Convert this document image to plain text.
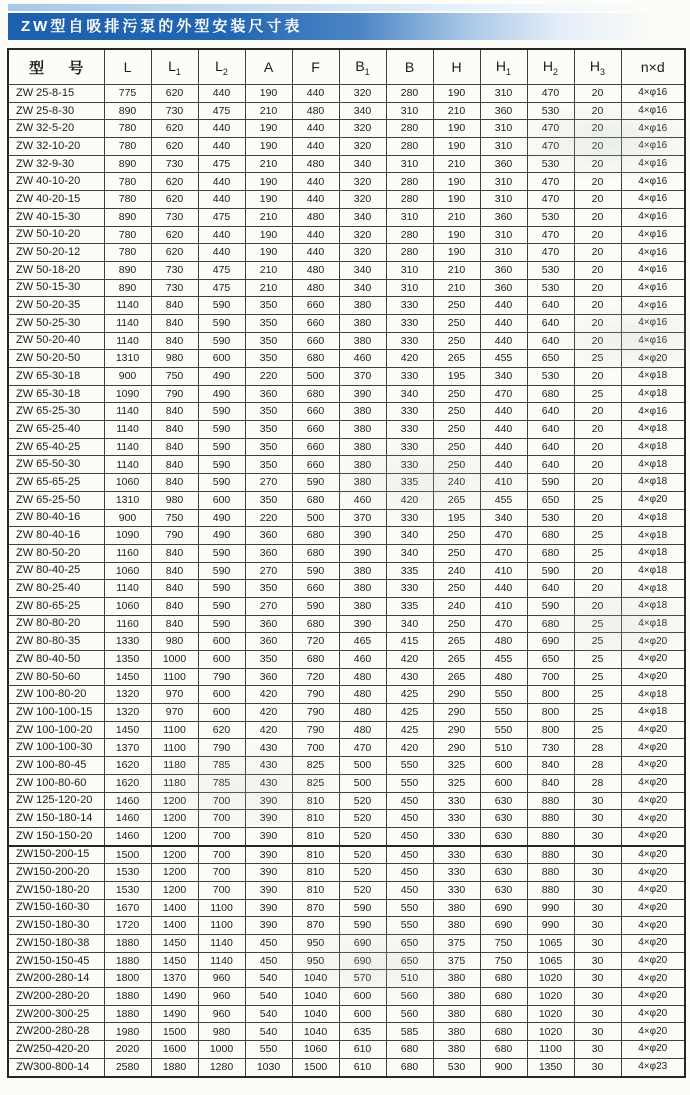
ZW型自吸排污泵的外型安装尺寸表
型 号	L	$L_1$	$L_2$	A	F	$B_1$	B	H	$H_1$	$H_2$	$H_3$	n×d
ZW 25-8-15	775	620	440	190	440	320	280	190	310	470	20	4×φ16
ZW 25-8-30	890	730	475	210	480	340	310	210	360	530	20	4×φ16
ZW 32-5-20	780	620	440	190	440	320	280	190	310	470	20	4×φ16
ZW 32-10-20	780	620	440	190	440	320	280	190	310	470	20	4×φ16
ZW 32-9-30	890	730	475	210	480	340	310	210	360	530	20	4×φ16
ZW 40-10-20	780	620	440	190	440	320	280	190	310	470	20	4×φ16
ZW 40-20-15	780	620	440	190	440	320	280	190	310	470	20	4×φ16
ZW 40-15-30	890	730	475	210	480	340	310	210	360	530	20	4×φ16
ZW 50-10-20	780	620	440	190	440	320	280	190	310	470	20	4×φ16
ZW 50-20-12	780	620	440	190	440	320	280	190	310	470	20	4×φ16
ZW 50-18-20	890	730	475	210	480	340	310	210	360	530	20	4×φ16
ZW 50-15-30	890	730	475	210	480	340	310	210	360	530	20	4×φ16
ZW 50-20-35	1140	840	590	350	660	380	330	250	440	640	20	4×φ16
ZW 50-25-30	1140	840	590	350	660	380	330	250	440	640	20	4×φ16
ZW 50-20-40	1140	840	590	350	660	380	330	250	440	640	20	4×φ16
ZW 50-20-50	1310	980	600	350	680	460	420	265	455	650	25	4×φ20
ZW 65-30-18	900	750	490	220	500	370	330	195	340	530	20	4×φ18
ZW 65-30-18	1090	790	490	360	680	390	340	250	470	680	25	4×φ18
ZW 65-25-30	1140	840	590	350	660	380	330	250	440	640	20	4×φ16
ZW 65-25-40	1140	840	590	350	660	380	330	250	440	640	20	4×φ18
ZW 65-40-25	1140	840	590	350	660	380	330	250	440	640	20	4×φ18
ZW 65-50-30	1140	840	590	350	660	380	330	250	440	640	20	4×φ18
ZW 65-65-25	1060	840	590	270	590	380	335	240	410	590	20	4×φ18
ZW 65-25-50	1310	980	600	350	680	460	420	265	455	650	25	4×φ20
ZW 80-40-16	900	750	490	220	500	370	330	195	340	530	20	4×φ18
ZW 80-40-16	1090	790	490	360	680	390	340	250	470	680	25	4×φ18
ZW 80-50-20	1160	840	590	360	680	390	340	250	470	680	25	4×φ18
ZW 80-40-25	1060	840	590	270	590	380	335	240	410	590	20	4×φ18
ZW 80-25-40	1140	840	590	350	660	380	330	250	440	640	20	4×φ18
ZW 80-65-25	1060	840	590	270	590	380	335	240	410	590	20	4×φ18
ZW 80-80-20	1160	840	590	360	680	390	340	250	470	680	25	4×φ18
ZW 80-80-35	1330	980	600	360	720	465	415	265	480	690	25	4×φ20
ZW 80-40-50	1350	1000	600	350	680	460	420	265	455	650	25	4×φ20
ZW 80-50-60	1450	1100	790	360	720	480	430	265	480	700	25	4×φ20
ZW 100-80-20	1320	970	600	420	790	480	425	290	550	800	25	4×φ18
ZW 100-100-15	1320	970	600	420	790	480	425	290	550	800	25	4×φ18
ZW 100-100-20	1450	1100	620	420	790	480	425	290	550	800	25	4×φ20
ZW 100-100-30	1370	1100	790	430	700	470	420	290	510	730	28	4×φ20
ZW 100-80-45	1620	1180	785	430	825	500	550	325	600	840	28	4×φ20
ZW 100-80-60	1620	1180	785	430	825	500	550	325	600	840	28	4×φ20
ZW 125-120-20	1460	1200	700	390	810	520	450	330	630	880	30	4×φ20
ZW 150-180-14	1460	1200	700	390	810	520	450	330	630	880	30	4×φ20
ZW 150-150-20	1460	1200	700	390	810	520	450	330	630	880	30	4×φ20
ZW150-200-15	1500	1200	700	390	810	520	450	330	630	880	30	4×φ20
ZW150-200-20	1530	1200	700	390	810	520	450	330	630	880	30	4×φ20
ZW150-180-20	1530	1200	700	390	810	520	450	330	630	880	30	4×φ20
ZW150-160-30	1670	1400	1100	390	870	590	550	380	690	990	30	4×φ20
ZW150-180-30	1720	1400	1100	390	870	590	550	380	690	990	30	4×φ20
ZW150-180-38	1880	1450	1140	450	950	690	650	375	750	1065	30	4×φ20
ZW150-150-45	1880	1450	1140	450	950	690	650	375	750	1065	30	4×φ20
ZW200-280-14	1800	1370	960	540	1040	570	510	380	680	1020	30	4×φ20
ZW200-280-20	1880	1490	960	540	1040	600	560	380	680	1020	30	4×φ20
ZW200-300-25	1880	1490	960	540	1040	600	560	380	680	1020	30	4×φ20
ZW200-280-28	1980	1500	980	540	1040	635	585	380	680	1020	30	4×φ20
ZW250-420-20	2020	1600	1000	550	1060	610	680	380	680	1100	30	4×φ20
ZW300-800-14	2580	1880	1280	1030	1500	610	680	530	900	1350	30	4×φ23
